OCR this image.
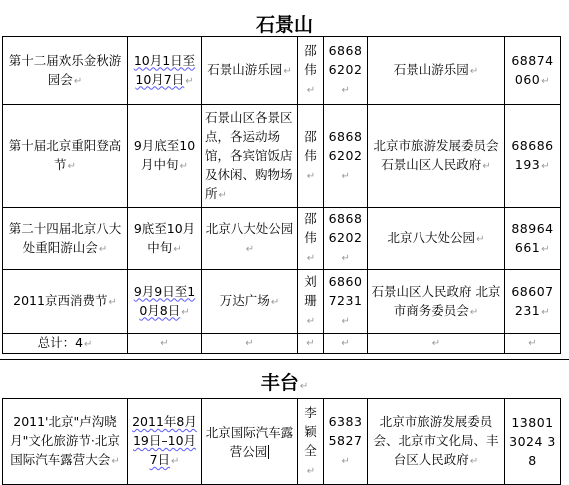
石景山
第十二届欢乐金秋游园会↵	10月1日至10月7日↵	石景山游乐园↵	邵伟↵	68686202↵	石景山游乐园↵	68874060↵
第十届北京重阳登高节↵	9月底至10月中旬↵	石景山区各景区点，各运动场馆，各宾馆饭店及休闲、购物场所↵	邵伟↵	68686202↵	北京市旅游发展委员会 石景山区人民政府↵	68686193↵
第二十四届北京八大处重阳游山会↵	9底至10月中旬↵	北京八大处公园↵	邵伟↵	68686202↵	北京八大处公园↵	88964661↵
2011京西消费节↵	9月9日至10月8日↵	万达广场↵	刘珊↵	68607231↵	石景山区人民政府 北京市商务委员会↵	68607231↵
总计：4↵	↵	↵	↵	↵	↵	↵
丰台↵
2011'北京"卢沟晓月"文化旅游节·北京国际汽车露营大会↵	2011年8月19日–10月7日↵	北京国际汽车露营公园	李颖全↵	63835827↵	北京市旅游发展委员会、北京市文化局、丰台区人民政府↵	138013024 38
